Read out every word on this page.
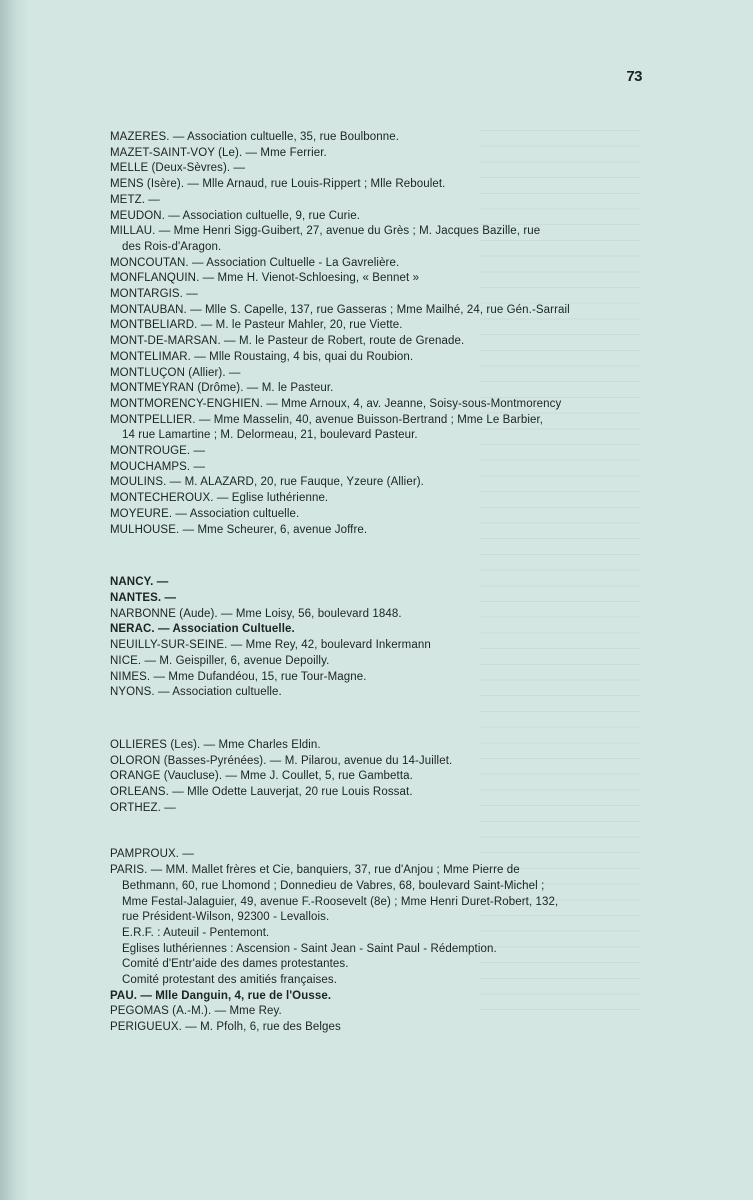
73
MAZERES. — Association cultuelle, 35, rue Boulbonne.
MAZET-SAINT-VOY (Le). — Mme Ferrier.
MELLE (Deux-Sèvres). —
MENS (Isère). — Mlle Arnaud, rue Louis-Rippert ; Mlle Reboulet.
METZ. —
MEUDON. — Association cultuelle, 9, rue Curie.
MILLAU. — Mme Henri Sigg-Guibert, 27, avenue du Grès ; M. Jacques Bazille, rue
des Rois-d'Aragon.
MONCOUTAN. — Association Cultuelle - La Gavrelière.
MONFLANQUIN. — Mme H. Vienot-Schloesing, « Bennet »
MONTARGIS. —
MONTAUBAN. — Mlle S. Capelle, 137, rue Gasseras ; Mme Mailhé, 24, rue Gén.-Sarrail
MONTBELIARD. — M. le Pasteur Mahler, 20, rue Viette.
MONT-DE-MARSAN. — M. le Pasteur de Robert, route de Grenade.
MONTELIMAR. — Mlle Roustaing, 4 bis, quai du Roubion.
MONTLUÇON (Allier). —
MONTMEYRAN (Drôme). — M. le Pasteur.
MONTMORENCY-ENGHIEN. — Mme Arnoux, 4, av. Jeanne, Soisy-sous-Montmorency
MONTPELLIER. — Mme Masselin, 40, avenue Buisson-Bertrand ; Mme Le Barbier,
14 rue Lamartine ; M. Delormeau, 21, boulevard Pasteur.
MONTROUGE. —
MOUCHAMPS. —
MOULINS. — M. ALAZARD, 20, rue Fauque, Yzeure (Allier).
MONTECHEROUX. — Eglise luthérienne.
MOYEURE. — Association cultuelle.
MULHOUSE. — Mme Scheurer, 6, avenue Joffre.
NANCY. —
NANTES. —
NARBONNE (Aude). — Mme Loisy, 56, boulevard 1848.
NERAC. — Association Cultuelle.
NEUILLY-SUR-SEINE. — Mme Rey, 42, boulevard Inkermann
NICE. — M. Geispiller, 6, avenue Depoilly.
NIMES. — Mme Dufandéou, 15, rue Tour-Magne.
NYONS. — Association cultuelle.
OLLIERES (Les). — Mme Charles Eldin.
OLORON (Basses-Pyrénées). — M. Pilarou, avenue du 14-Juillet.
ORANGE (Vaucluse). — Mme J. Coullet, 5, rue Gambetta.
ORLEANS. — Mlle Odette Lauverjat, 20 rue Louis Rossat.
ORTHEZ. —
PAMPROUX. —
PARIS. — MM. Mallet frères et Cie, banquiers, 37, rue d'Anjou ; Mme Pierre de
Bethmann, 60, rue Lhomond ; Donnedieu de Vabres, 68, boulevard Saint-Michel ;
Mme Festal-Jalaguier, 49, avenue F.-Roosevelt (8e) ; Mme Henri Duret-Robert, 132,
rue Président-Wilson, 92300 - Levallois.
E.R.F. : Auteuil - Pentemont.
Eglises luthériennes : Ascension - Saint Jean - Saint Paul - Rédemption.
Comité d'Entr'aide des dames protestantes.
Comité protestant des amitiés françaises.
PAU. — Mlle Danguin, 4, rue de l'Ousse.
PEGOMAS (A.-M.). — Mme Rey.
PERIGUEUX. — M. Pfolh, 6, rue des Belges
